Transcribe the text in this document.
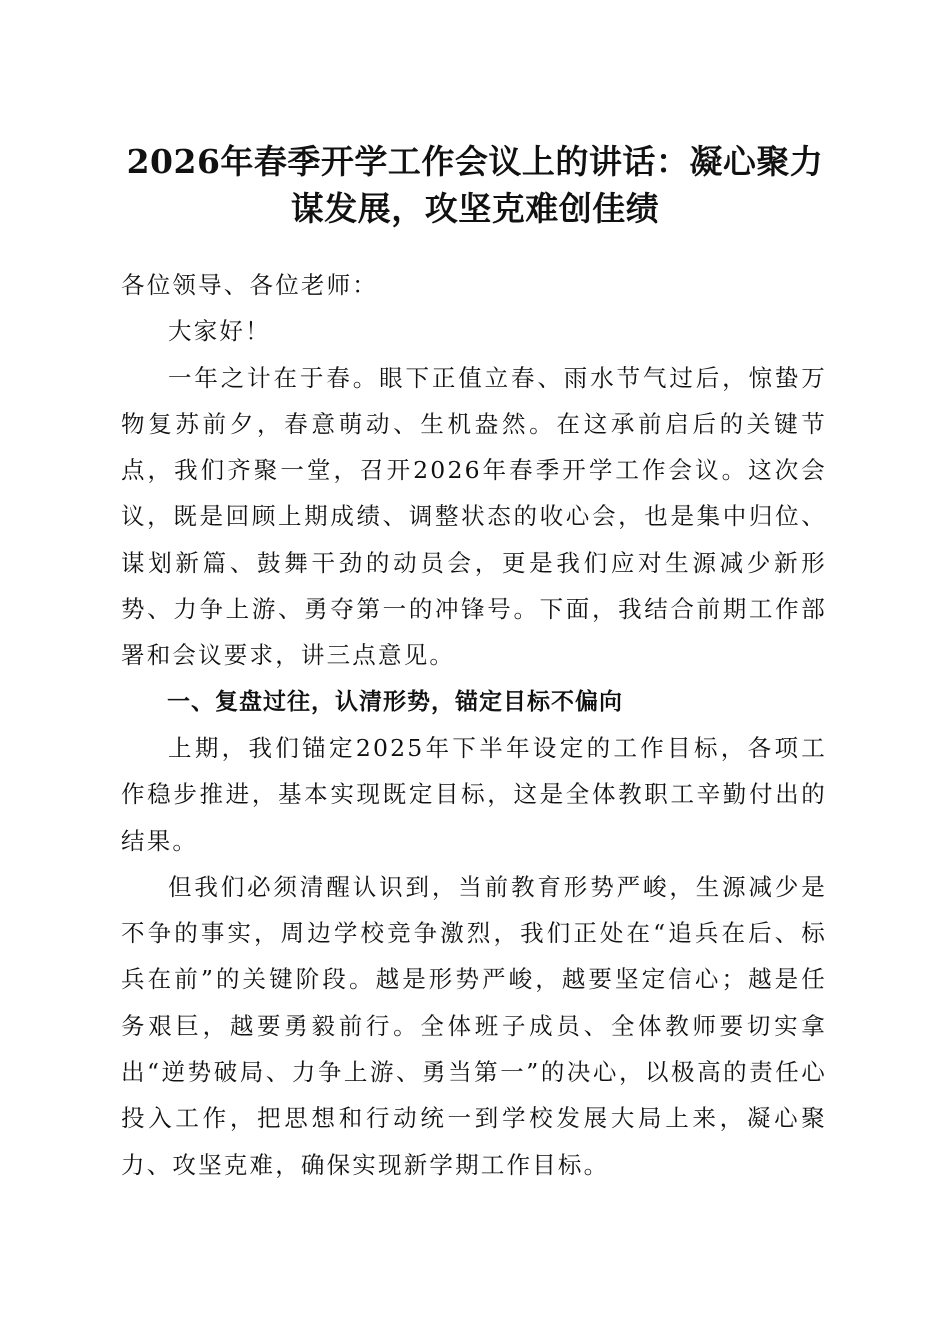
2026年春季开学工作会议上的讲话：凝心聚力谋发展，攻坚克难创佳绩

各位领导、各位老师：

大家好！

一年之计在于春。眼下正值立春、雨水节气过后，惊蛰万物复苏前夕，春意萌动、生机盎然。在这承前启后的关键节点，我们齐聚一堂，召开2026年春季开学工作会议。这次会议，既是回顾上期成绩、调整状态的收心会，也是集中归位、谋划新篇、鼓舞干劲的动员会，更是我们应对生源减少新形势、力争上游、勇夺第一的冲锋号。下面，我结合前期工作部署和会议要求，讲三点意见。

一、复盘过往，认清形势，锚定目标不偏向

上期，我们锚定2025年下半年设定的工作目标，各项工作稳步推进，基本实现既定目标，这是全体教职工辛勤付出的结果。

但我们必须清醒认识到，当前教育形势严峻，生源减少是不争的事实，周边学校竞争激烈，我们正处在“追兵在后、标兵在前”的关键阶段。越是形势严峻，越要坚定信心；越是任务艰巨，越要勇毅前行。全体班子成员、全体教师要切实拿出“逆势破局、力争上游、勇当第一”的决心，以极高的责任心投入工作，把思想和行动统一到学校发展大局上来，凝心聚力、攻坚克难，确保实现新学期工作目标。
